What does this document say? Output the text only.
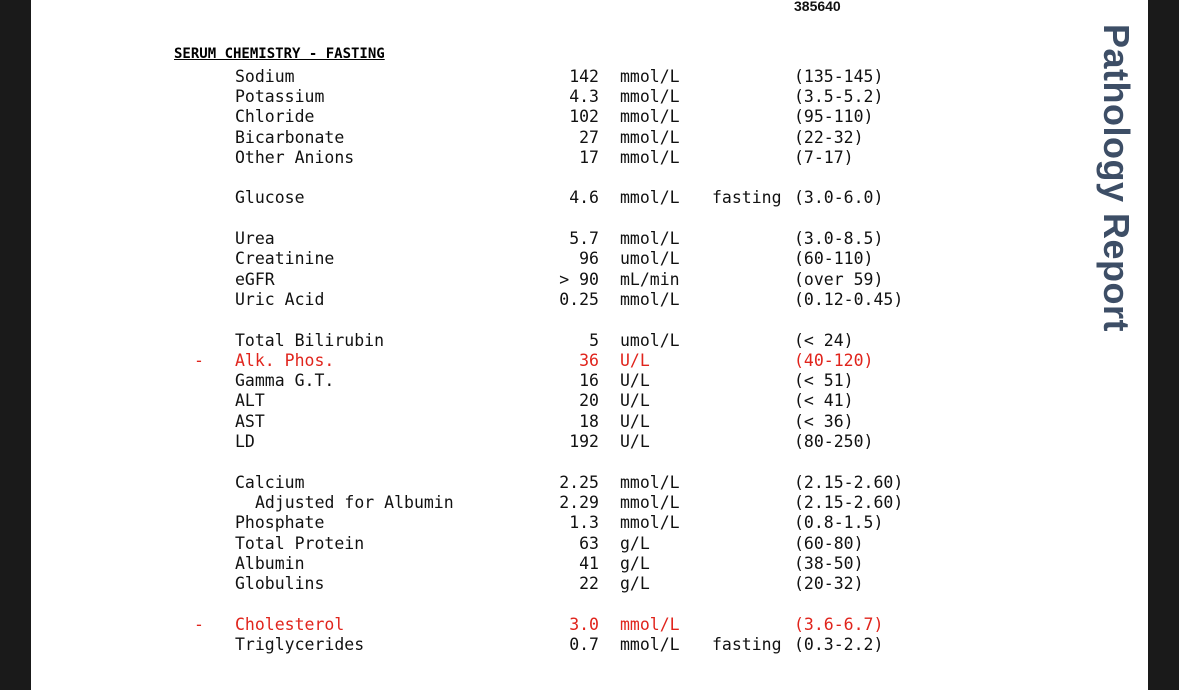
385640
Pathology Report
SERUM CHEMISTRY - FASTING
Sodium	142 mmol/L	(135-145)
Potassium	4.3 mmol/L	(3.5-5.2)
Chloride	102 mmol/L	(95-110)
Bicarbonate	27 mmol/L	(22-32)
Other Anions	17 mmol/L	(7-17)
Glucose	4.6 mmol/L fasting (3.0-6.0)
Urea	5.7 mmol/L	(3.0-8.5)
Creatinine	96 umol/L	(60-110)
eGFR	> 90 mL/min	(over 59)
Uric Acid	0.25 mmol/L	(0.12-0.45)
Total Bilirubin	5 umol/L	(< 24)
- Alk. Phos.	36 U/L	(40-120)
Gamma G.T.	16 U/L	(< 51)
ALT	20 U/L	(< 41)
AST	18 U/L	(< 36)
LD	192 U/L	(80-250)
Calcium	2.25 mmol/L	(2.15-2.60)
Adjusted for Albumin	2.29 mmol/L	(2.15-2.60)
Phosphate	1.3 mmol/L	(0.8-1.5)
Total Protein	63 g/L	(60-80)
Albumin	41 g/L	(38-50)
Globulins	22 g/L	(20-32)
- Cholesterol	3.0 mmol/L	(3.6-6.7)
Triglycerides	0.7 mmol/L fasting (0.3-2.2)
